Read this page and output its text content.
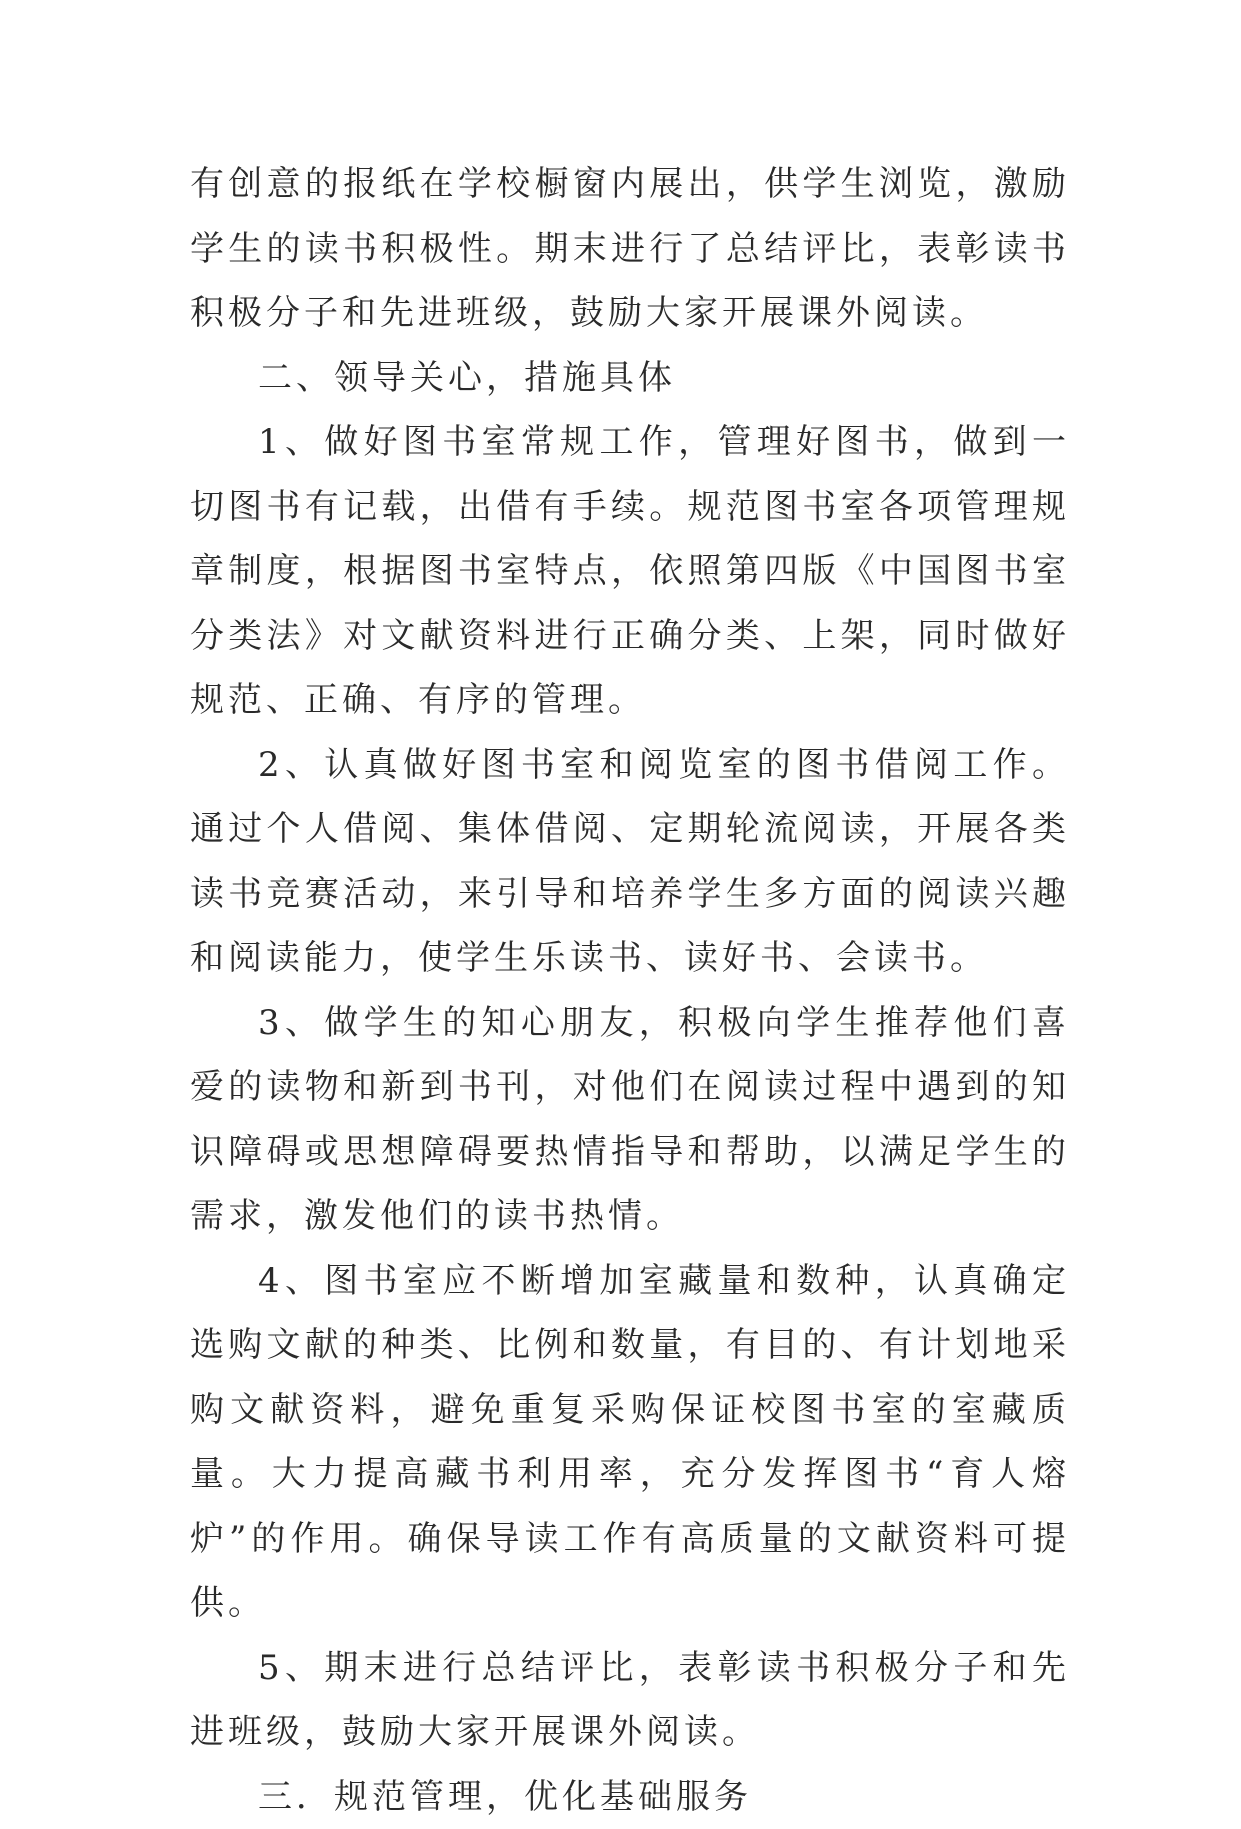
有创意的报纸在学校橱窗内展出，供学生浏览，激励学生的读书积极性。期末进行了总结评比，表彰读书积极分子和先进班级，鼓励大家开展课外阅读。

二、领导关心，措施具体

1、做好图书室常规工作，管理好图书，做到一切图书有记载，出借有手续。规范图书室各项管理规章制度，根据图书室特点，依照第四版《中国图书室分类法》对文献资料进行正确分类、上架，同时做好规范、正确、有序的管理。

2、认真做好图书室和阅览室的图书借阅工作。通过个人借阅、集体借阅、定期轮流阅读，开展各类读书竞赛活动，来引导和培养学生多方面的阅读兴趣和阅读能力，使学生乐读书、读好书、会读书。

3、做学生的知心朋友，积极向学生推荐他们喜爱的读物和新到书刊，对他们在阅读过程中遇到的知识障碍或思想障碍要热情指导和帮助，以满足学生的需求，激发他们的读书热情。

4、图书室应不断增加室藏量和数种，认真确定选购文献的种类、比例和数量，有目的、有计划地采购文献资料，避免重复采购保证校图书室的室藏质量。大力提高藏书利用率，充分发挥图书“育人熔炉”的作用。确保导读工作有高质量的文献资料可提供。

5、期末进行总结评比，表彰读书积极分子和先进班级，鼓励大家开展课外阅读。

三．规范管理，优化基础服务
